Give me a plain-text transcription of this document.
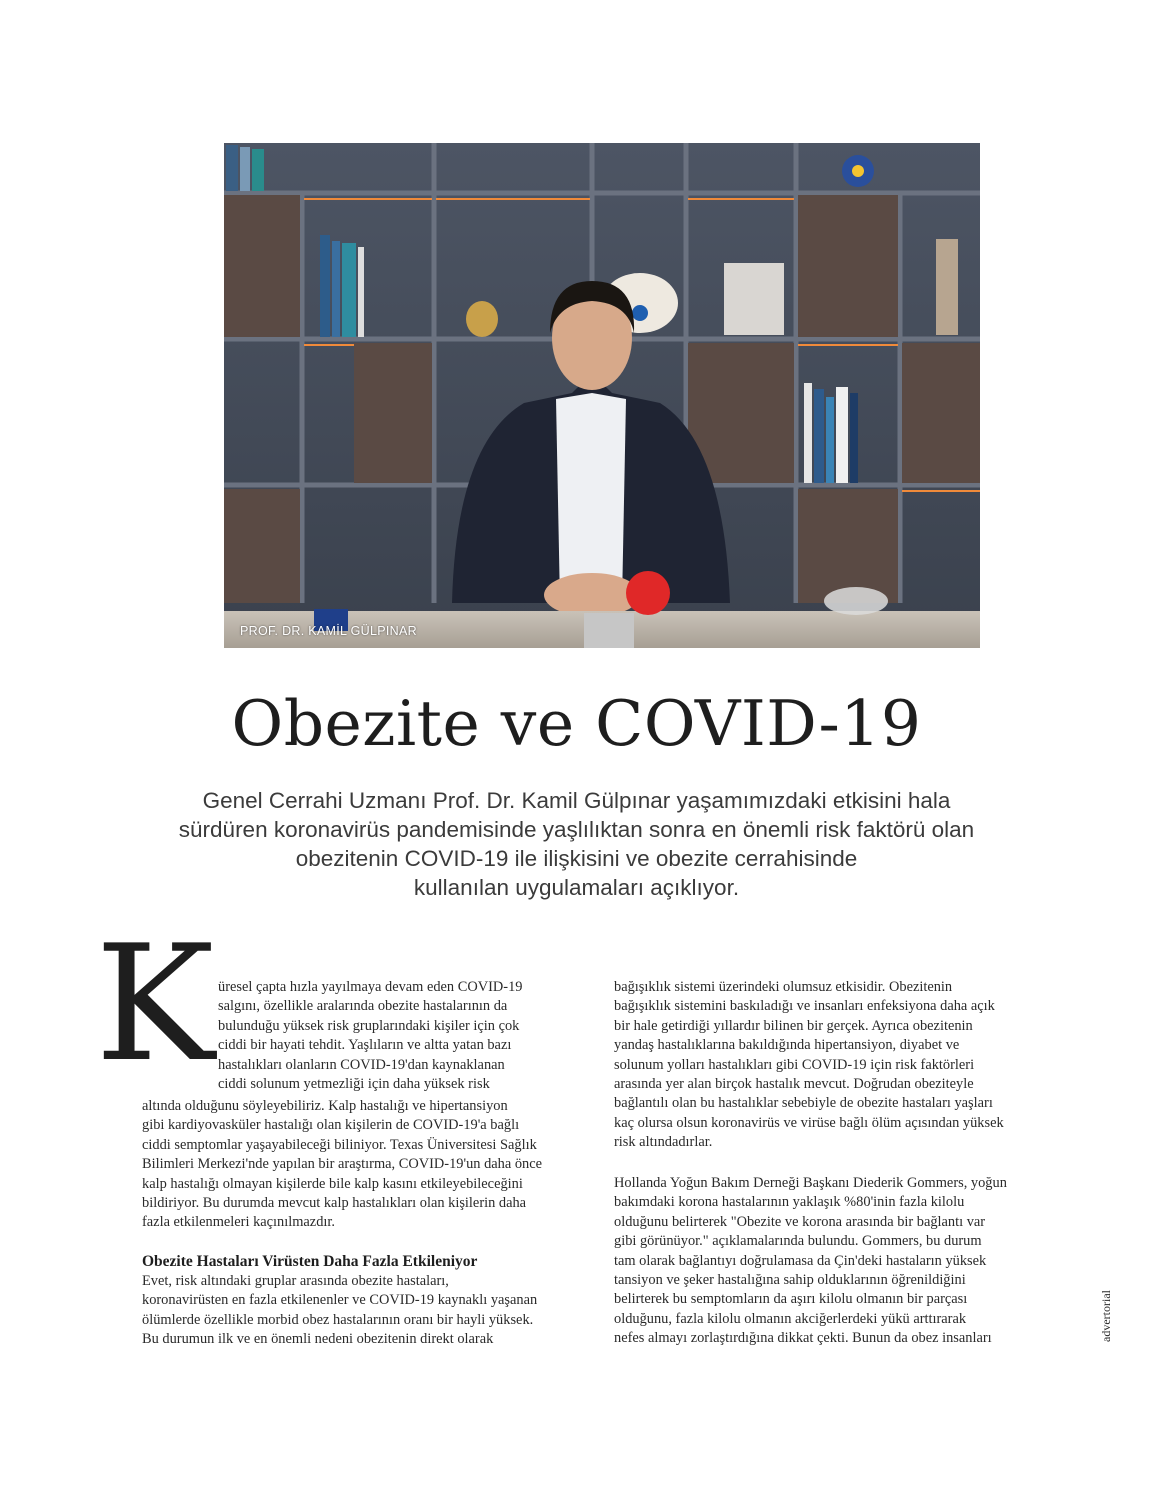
PROF. DR. KAMİL GÜLPINAR
Obezite ve COVID-19
Genel Cerrahi Uzmanı Prof. Dr. Kamil Gülpınar yaşamımızdaki etkisini hala
sürdüren koronavirüs pandemisinde yaşlılıktan sonra en önemli risk faktörü olan
obezitenin COVID-19 ile ilişkisini ve obezite cerrahisinde
kullanılan uygulamaları açıklıyor.
K üresel çapta hızla yayılmaya devam eden COVID-19
salgını, özellikle aralarında obezite hastalarının da
bulunduğu yüksek risk gruplarındaki kişiler için çok
ciddi bir hayati tehdit. Yaşlıların ve altta yatan bazı
hastalıkları olanların COVID-19'dan kaynaklanan
ciddi solunum yetmezliği için daha yüksek risk
altında olduğunu söyleyebiliriz. Kalp hastalığı ve hipertansiyon
gibi kardiyovasküler hastalığı olan kişilerin de COVID-19'a bağlı
ciddi semptomlar yaşayabileceği biliniyor. Texas Üniversitesi Sağlık
Bilimleri Merkezi'nde yapılan bir araştırma, COVID-19'un daha önce
kalp hastalığı olmayan kişilerde bile kalp kasını etkileyebileceğini
bildiriyor. Bu durumda mevcut kalp hastalıkları olan kişilerin daha
fazla etkilenmeleri kaçınılmazdır.
Obezite Hastaları Virüsten Daha Fazla Etkileniyor
Evet, risk altındaki gruplar arasında obezite hastaları,
koronavirüsten en fazla etkilenenler ve COVID-19 kaynaklı yaşanan
ölümlerde özellikle morbid obez hastalarının oranı bir hayli yüksek.
Bu durumun ilk ve en önemli nedeni obezitenin direkt olarak
bağışıklık sistemi üzerindeki olumsuz etkisidir. Obezitenin
bağışıklık sistemini baskıladığı ve insanları enfeksiyona daha açık
bir hale getirdiği yıllardır bilinen bir gerçek. Ayrıca obezitenin
yandaş hastalıklarına bakıldığında hipertansiyon, diyabet ve
solunum yolları hastalıkları gibi COVID-19 için risk faktörleri
arasında yer alan birçok hastalık mevcut. Doğrudan obeziteyle
bağlantılı olan bu hastalıklar sebebiyle de obezite hastaları yaşları
kaç olursa olsun koronavirüs ve virüse bağlı ölüm açısından yüksek
risk altındadırlar.
Hollanda Yoğun Bakım Derneği Başkanı Diederik Gommers, yoğun
bakımdaki korona hastalarının yaklaşık %80'inin fazla kilolu
olduğunu belirterek "Obezite ve korona arasında bir bağlantı var
gibi görünüyor." açıklamalarında bulundu. Gommers, bu durum
tam olarak bağlantıyı doğrulamasa da Çin'deki hastaların yüksek
tansiyon ve şeker hastalığına sahip olduklarının öğrenildiğini
belirterek bu semptomların da aşırı kilolu olmanın bir parçası
olduğunu, fazla kilolu olmanın akciğerlerdeki yükü arttırarak
nefes almayı zorlaştırdığına dikkat çekti. Bunun da obez insanları	advertorial
